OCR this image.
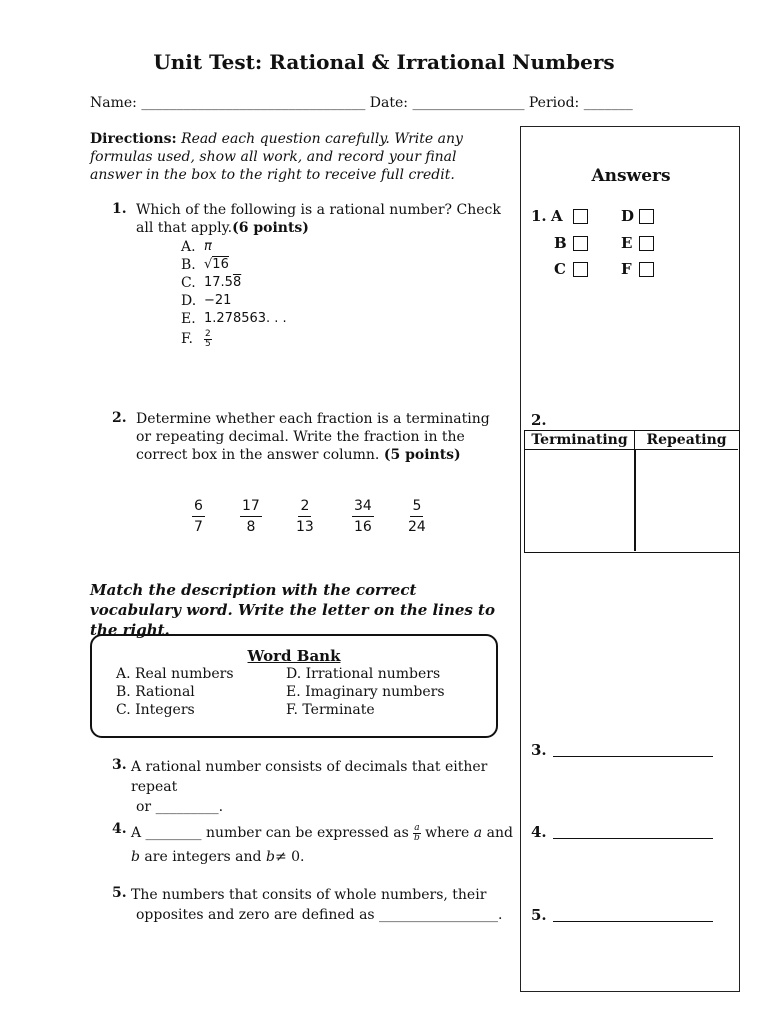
Unit Test: Rational & Irrational Numbers
Name: ________________________________ Date: ________________ Period: _______
Directions: Read each question carefully. Write any formulas used, show all work, and record your final answer in the box to the right to receive full credit.
1. Which of the following is a rational number? Check all that apply.(6 points)
A. π
B. √16
C. 17.58
D. −21
E. 1.278563. . .
F.	$\frac{2}{5}$
2. Determine whether each fraction is a terminating or repeating decimal. Write the fraction in the correct box in the answer column. (5 points)
$\frac{6}{7}$	$\frac{17}{8} \frac{2}{13}$	$\frac{34}{16} \frac{5}{24}$
Match the description with the correct vocabulary word. Write the letter on the lines to the right.
Word Bank
A. Real numbers
B. Rational
C. Integers
D. Irrational numbers
E. Imaginary numbers
F. Terminate
3. A rational number consists of decimals that either repeat
or _________.
4. A ________ number can be expressed as $\frac{a}{b}$ where a and
b are integers and b≠ 0.
5. The numbers that consits of whole numbers, their
opposites and zero are defined as _________________.
Answers
1. A	D
B	E
C	F
2.
Terminating	Repeating
3.
4.
5.
